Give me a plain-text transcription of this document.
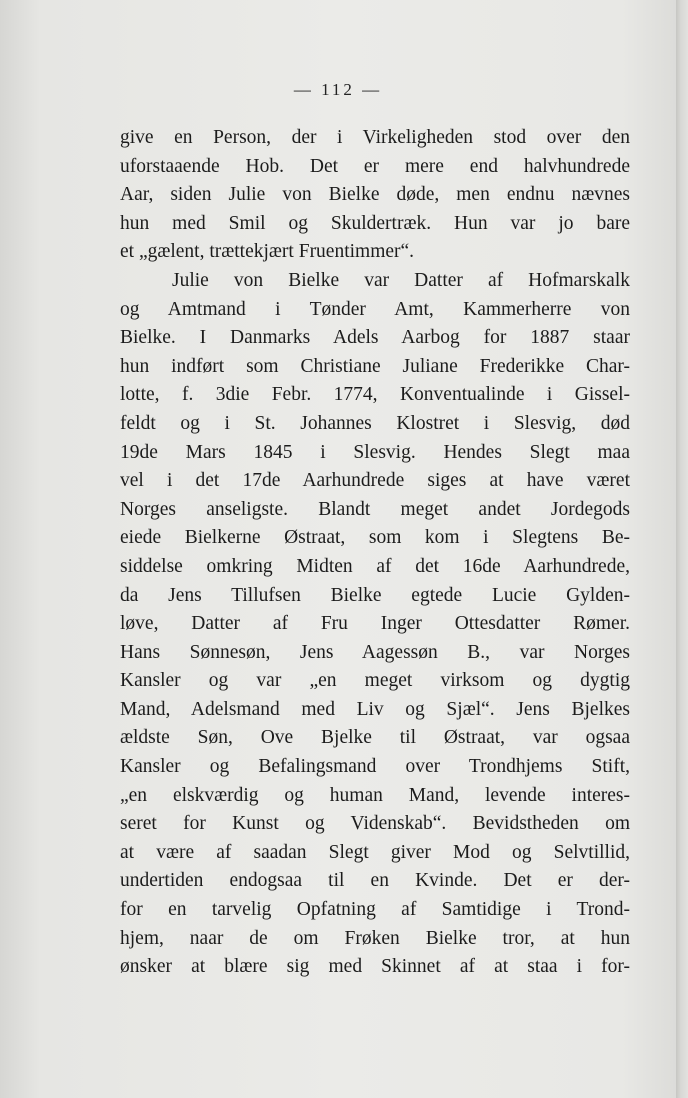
— 112 —
give en Person, der i Virkeligheden stod over den
uforstaaende Hob. Det er mere end halvhundrede
Aar, siden Julie von Bielke døde, men endnu nævnes
hun med Smil og Skuldertræk. Hun var jo bare
et „gælent, trættekjært Fruentimmer“.
Julie von Bielke var Datter af Hofmarskalk
og Amtmand i Tønder Amt, Kammerherre von
Bielke. I Danmarks Adels Aarbog for 1887 staar
hun indført som Christiane Juliane Frederikke Char-
lotte, f. 3die Febr. 1774, Konventualinde i Gissel-
feldt og i St. Johannes Klostret i Slesvig, død
19de Mars 1845 i Slesvig. Hendes Slegt maa
vel i det 17de Aarhundrede siges at have været
Norges anseligste. Blandt meget andet Jordegods
eiede Bielkerne Østraat, som kom i Slegtens Be-
siddelse omkring Midten af det 16de Aarhundrede,
da Jens Tillufsen Bielke egtede Lucie Gylden-
løve, Datter af Fru Inger Ottesdatter Rømer.
Hans Sønnesøn, Jens Aagessøn B., var Norges
Kansler og var „en meget virksom og dygtig
Mand, Adelsmand med Liv og Sjæl“. Jens Bjelkes
ældste Søn, Ove Bjelke til Østraat, var ogsaa
Kansler og Befalingsmand over Trondhjems Stift,
„en elskværdig og human Mand, levende interes-
seret for Kunst og Videnskab“. Bevidstheden om
at være af saadan Slegt giver Mod og Selvtillid,
undertiden endogsaa til en Kvinde. Det er der-
for en tarvelig Opfatning af Samtidige i Trond-
hjem, naar de om Frøken Bielke tror, at hun
ønsker at blære sig med Skinnet af at staa i for-
